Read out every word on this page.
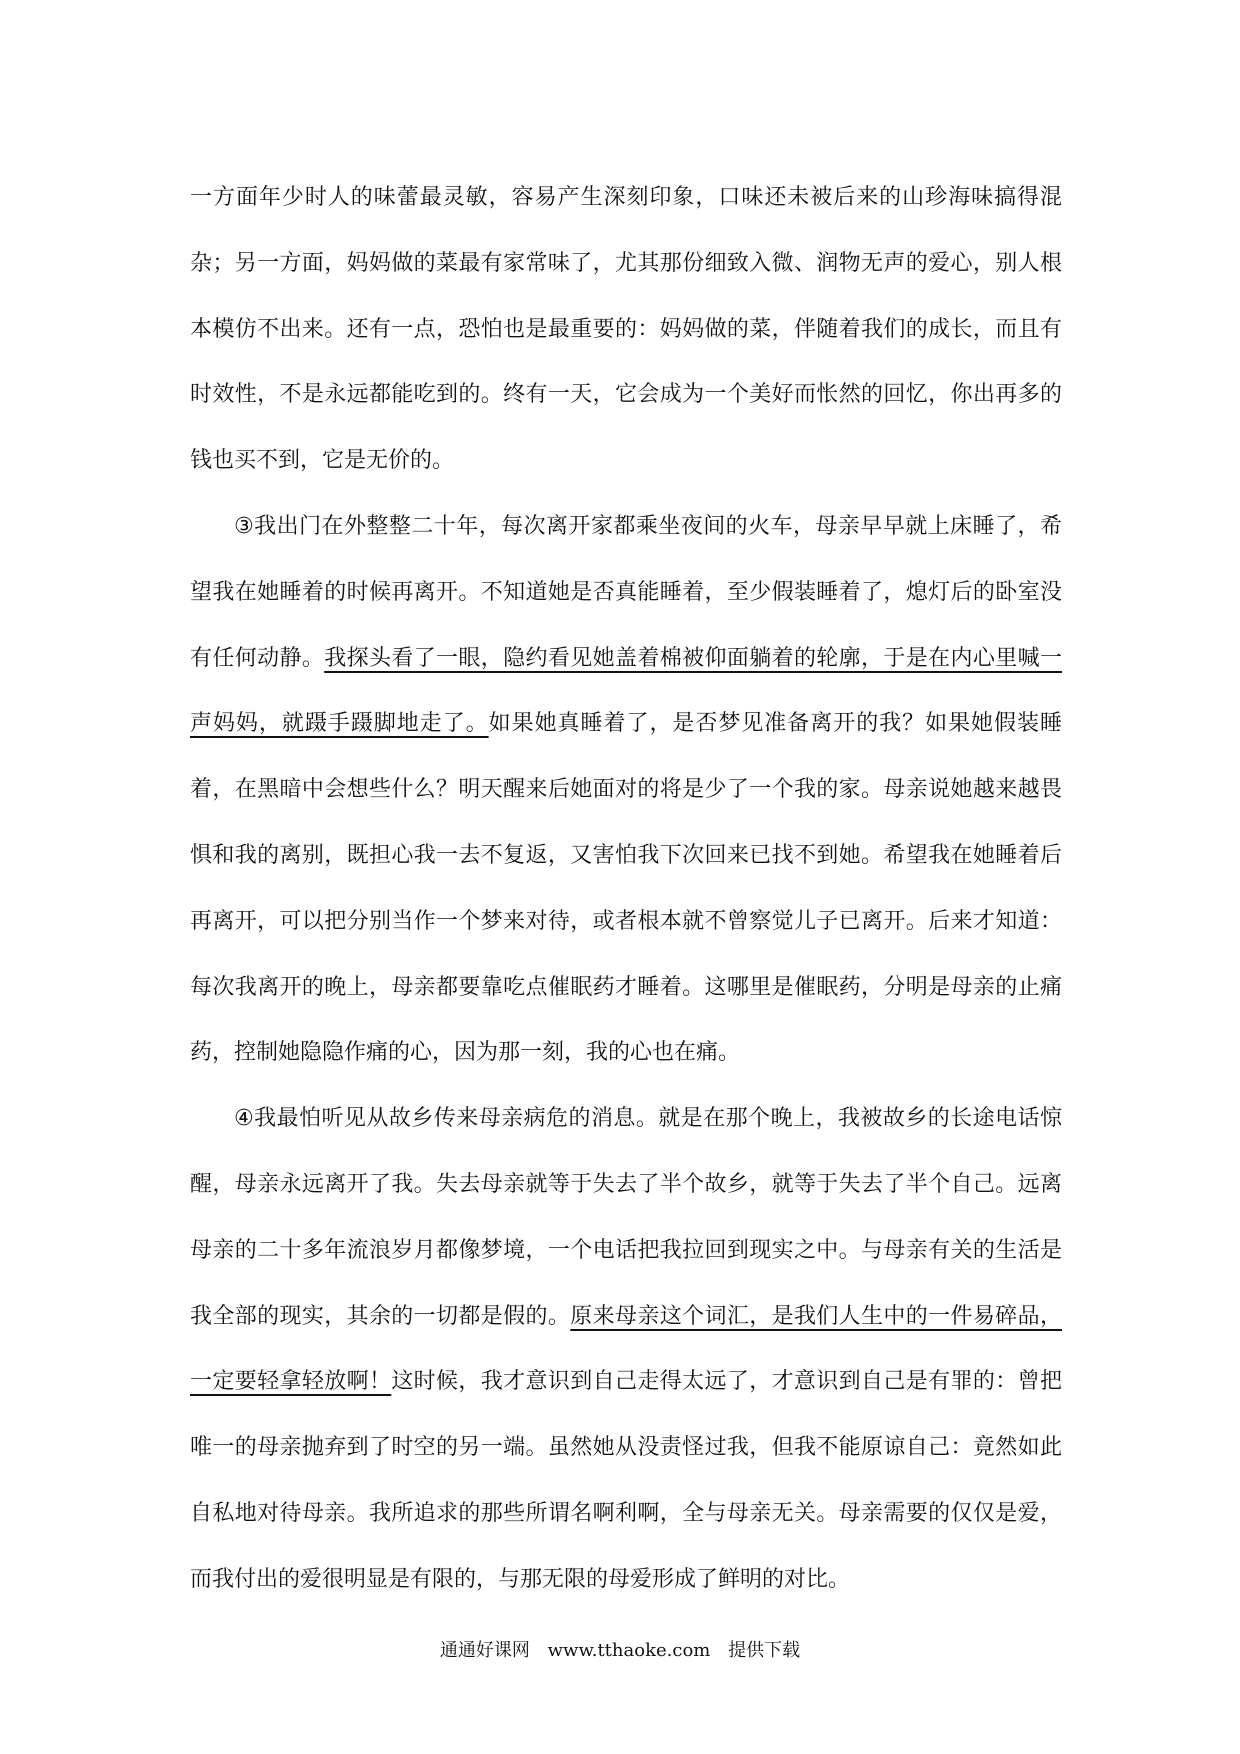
一方面年少时人的味蕾最灵敏，容易产生深刻印象，口味还未被后来的山珍海味搞得混杂；另一方面，妈妈做的菜最有家常味了，尤其那份细致入微、润物无声的爱心，别人根本模仿不出来。还有一点，恐怕也是最重要的：妈妈做的菜，伴随着我们的成长，而且有时效性，不是永远都能吃到的。终有一天，它会成为一个美好而怅然的回忆，你出再多的钱也买不到，它是无价的。

③我出门在外整整二十年，每次离开家都乘坐夜间的火车，母亲早早就上床睡了，希望我在她睡着的时候再离开。不知道她是否真能睡着，至少假装睡着了，熄灯后的卧室没有任何动静。我探头看了一眼，隐约看见她盖着棉被仰面躺着的轮廓，于是在内心里喊一声妈妈，就蹑手蹑脚地走了。如果她真睡着了，是否梦见准备离开的我？如果她假装睡着，在黑暗中会想些什么？明天醒来后她面对的将是少了一个我的家。母亲说她越来越畏惧和我的离别，既担心我一去不复返，又害怕我下次回来已找不到她。希望我在她睡着后再离开，可以把分别当作一个梦来对待，或者根本就不曾察觉儿子已离开。后来才知道：每次我离开的晚上，母亲都要靠吃点催眠药才睡着。这哪里是催眠药，分明是母亲的止痛药，控制她隐隐作痛的心，因为那一刻，我的心也在痛。

④我最怕听见从故乡传来母亲病危的消息。就是在那个晚上，我被故乡的长途电话惊醒，母亲永远离开了我。失去母亲就等于失去了半个故乡，就等于失去了半个自己。远离母亲的二十多年流浪岁月都像梦境，一个电话把我拉回到现实之中。与母亲有关的生活是我全部的现实，其余的一切都是假的。原来母亲这个词汇，是我们人生中的一件易碎品，一定要轻拿轻放啊！这时候，我才意识到自己走得太远了，才意识到自己是有罪的：曾把唯一的母亲抛弃到了时空的另一端。虽然她从没责怪过我，但我不能原谅自己：竟然如此自私地对待母亲。我所追求的那些所谓名啊利啊，全与母亲无关。母亲需要的仅仅是爱，而我付出的爱很明显是有限的，与那无限的母爱形成了鲜明的对比。

通通好课网 www.tthaoke.com 提供下载
